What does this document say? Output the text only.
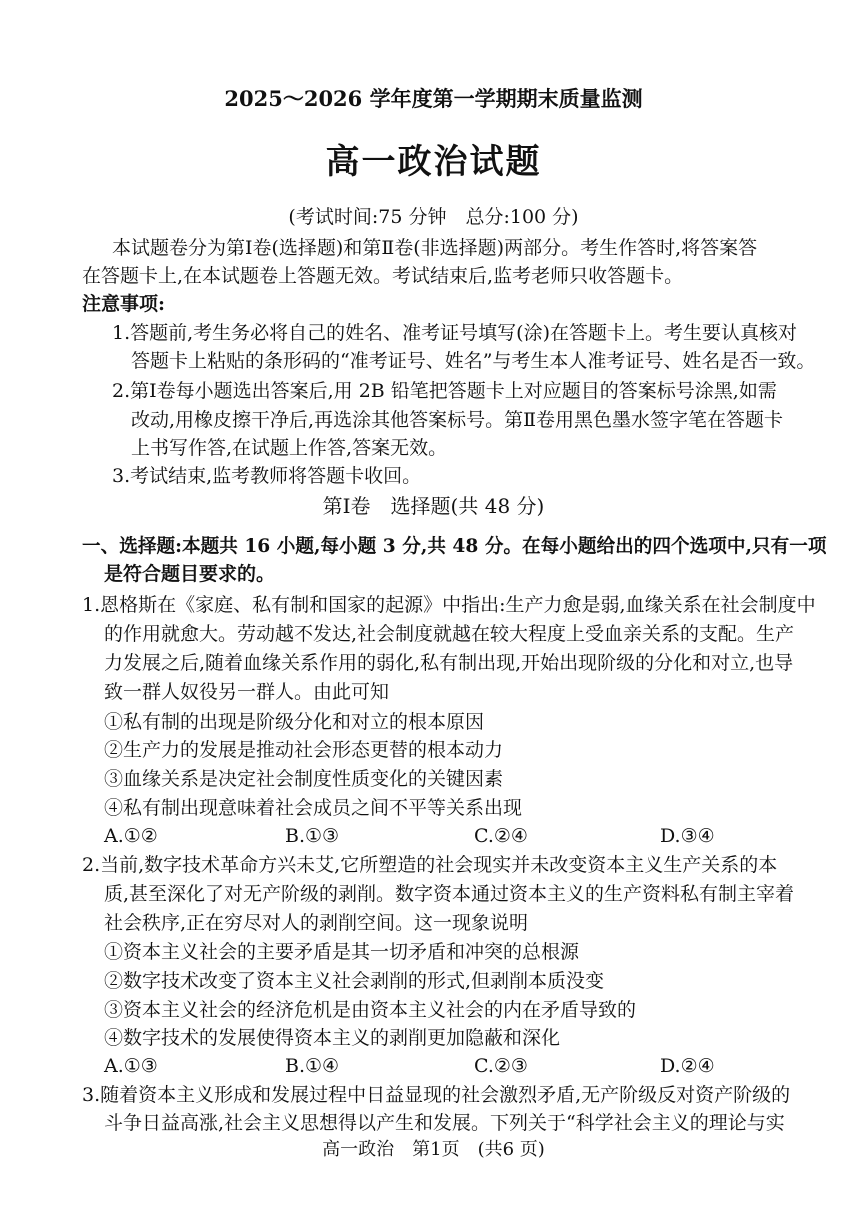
2025～2026 学年度第一学期期末质量监测
高一政治试题
(考试时间:75 分钟　总分:100 分)
本试题卷分为第Ⅰ卷(选择题)和第Ⅱ卷(非选择题)两部分。考生作答时,将答案答
在答题卡上,在本试题卷上答题无效。考试结束后,监考老师只收答题卡。
注意事项:
1.答题前,考生务必将自己的姓名、准考证号填写(涂)在答题卡上。考生要认真核对
答题卡上粘贴的条形码的“准考证号、姓名”与考生本人准考证号、姓名是否一致。
2.第Ⅰ卷每小题选出答案后,用 2B 铅笔把答题卡上对应题目的答案标号涂黑,如需
改动,用橡皮擦干净后,再选涂其他答案标号。第Ⅱ卷用黑色墨水签字笔在答题卡
上书写作答,在试题上作答,答案无效。
3.考试结束,监考教师将答题卡收回。
第Ⅰ卷　选择题(共 48 分)
一、选择题:本题共 16 小题,每小题 3 分,共 48 分。在每小题给出的四个选项中,只有一项
是符合题目要求的。
1.恩格斯在《家庭、私有制和国家的起源》中指出:生产力愈是弱,血缘关系在社会制度中
的作用就愈大。劳动越不发达,社会制度就越在较大程度上受血亲关系的支配。生产
力发展之后,随着血缘关系作用的弱化,私有制出现,开始出现阶级的分化和对立,也导
致一群人奴役另一群人。由此可知
①私有制的出现是阶级分化和对立的根本原因
②生产力的发展是推动社会形态更替的根本动力
③血缘关系是决定社会制度性质变化的关键因素
④私有制出现意味着社会成员之间不平等关系出现
A.①②	B.①③	C.②④	D.③④
2.当前,数字技术革命方兴未艾,它所塑造的社会现实并未改变资本主义生产关系的本
质,甚至深化了对无产阶级的剥削。数字资本通过资本主义的生产资料私有制主宰着
社会秩序,正在穷尽对人的剥削空间。这一现象说明
①资本主义社会的主要矛盾是其一切矛盾和冲突的总根源
②数字技术改变了资本主义社会剥削的形式,但剥削本质没变
③资本主义社会的经济危机是由资本主义社会的内在矛盾导致的
④数字技术的发展使得资本主义的剥削更加隐蔽和深化
A.①③	B.①④	C.②③	D.②④
3.随着资本主义形成和发展过程中日益显现的社会激烈矛盾,无产阶级反对资产阶级的
斗争日益高涨,社会主义思想得以产生和发展。下列关于“科学社会主义的理论与实
高一政治　第1页　(共6 页)
